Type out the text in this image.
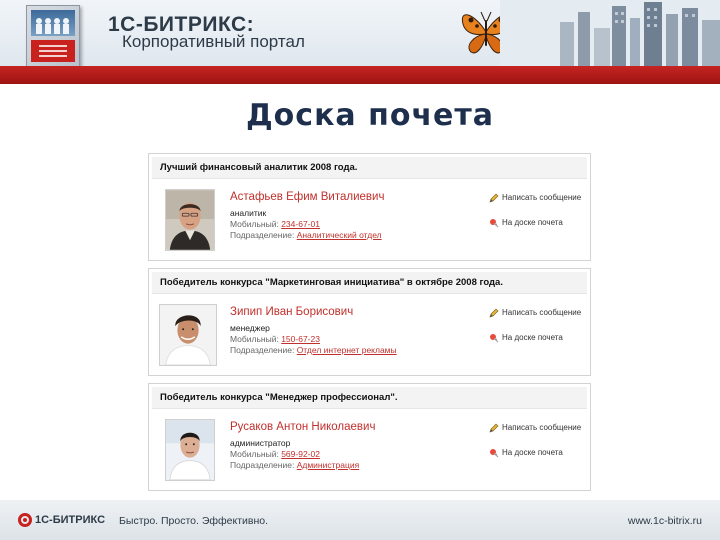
1С-БИТРИКС:
Корпоративный портал
Доска почета
Лучший финансовый аналитик 2008 года.
Астафьев Ефим Виталиевич
аналитик
Мобильный: 234-67-01
Подразделение: Аналитический отдел
Написать сообщение
На доске почета
Победитель конкурса "Маркетинговая инициатива" в октябре 2008 года.
Зипип Иван Борисович
менеджер
Мобильный: 150-67-23
Подразделение: Отдел интернет рекламы
Написать сообщение
На доске почета
Победитель конкурса "Менеджер профессионал".
Русаков Антон Николаевич
администратор
Мобильный: 569-92-02
Подразделение: Администрация
Написать сообщение
На доске почета
1С-БИТРИКС Быстро. Просто. Эффективно.	www.1c-bitrix.ru
